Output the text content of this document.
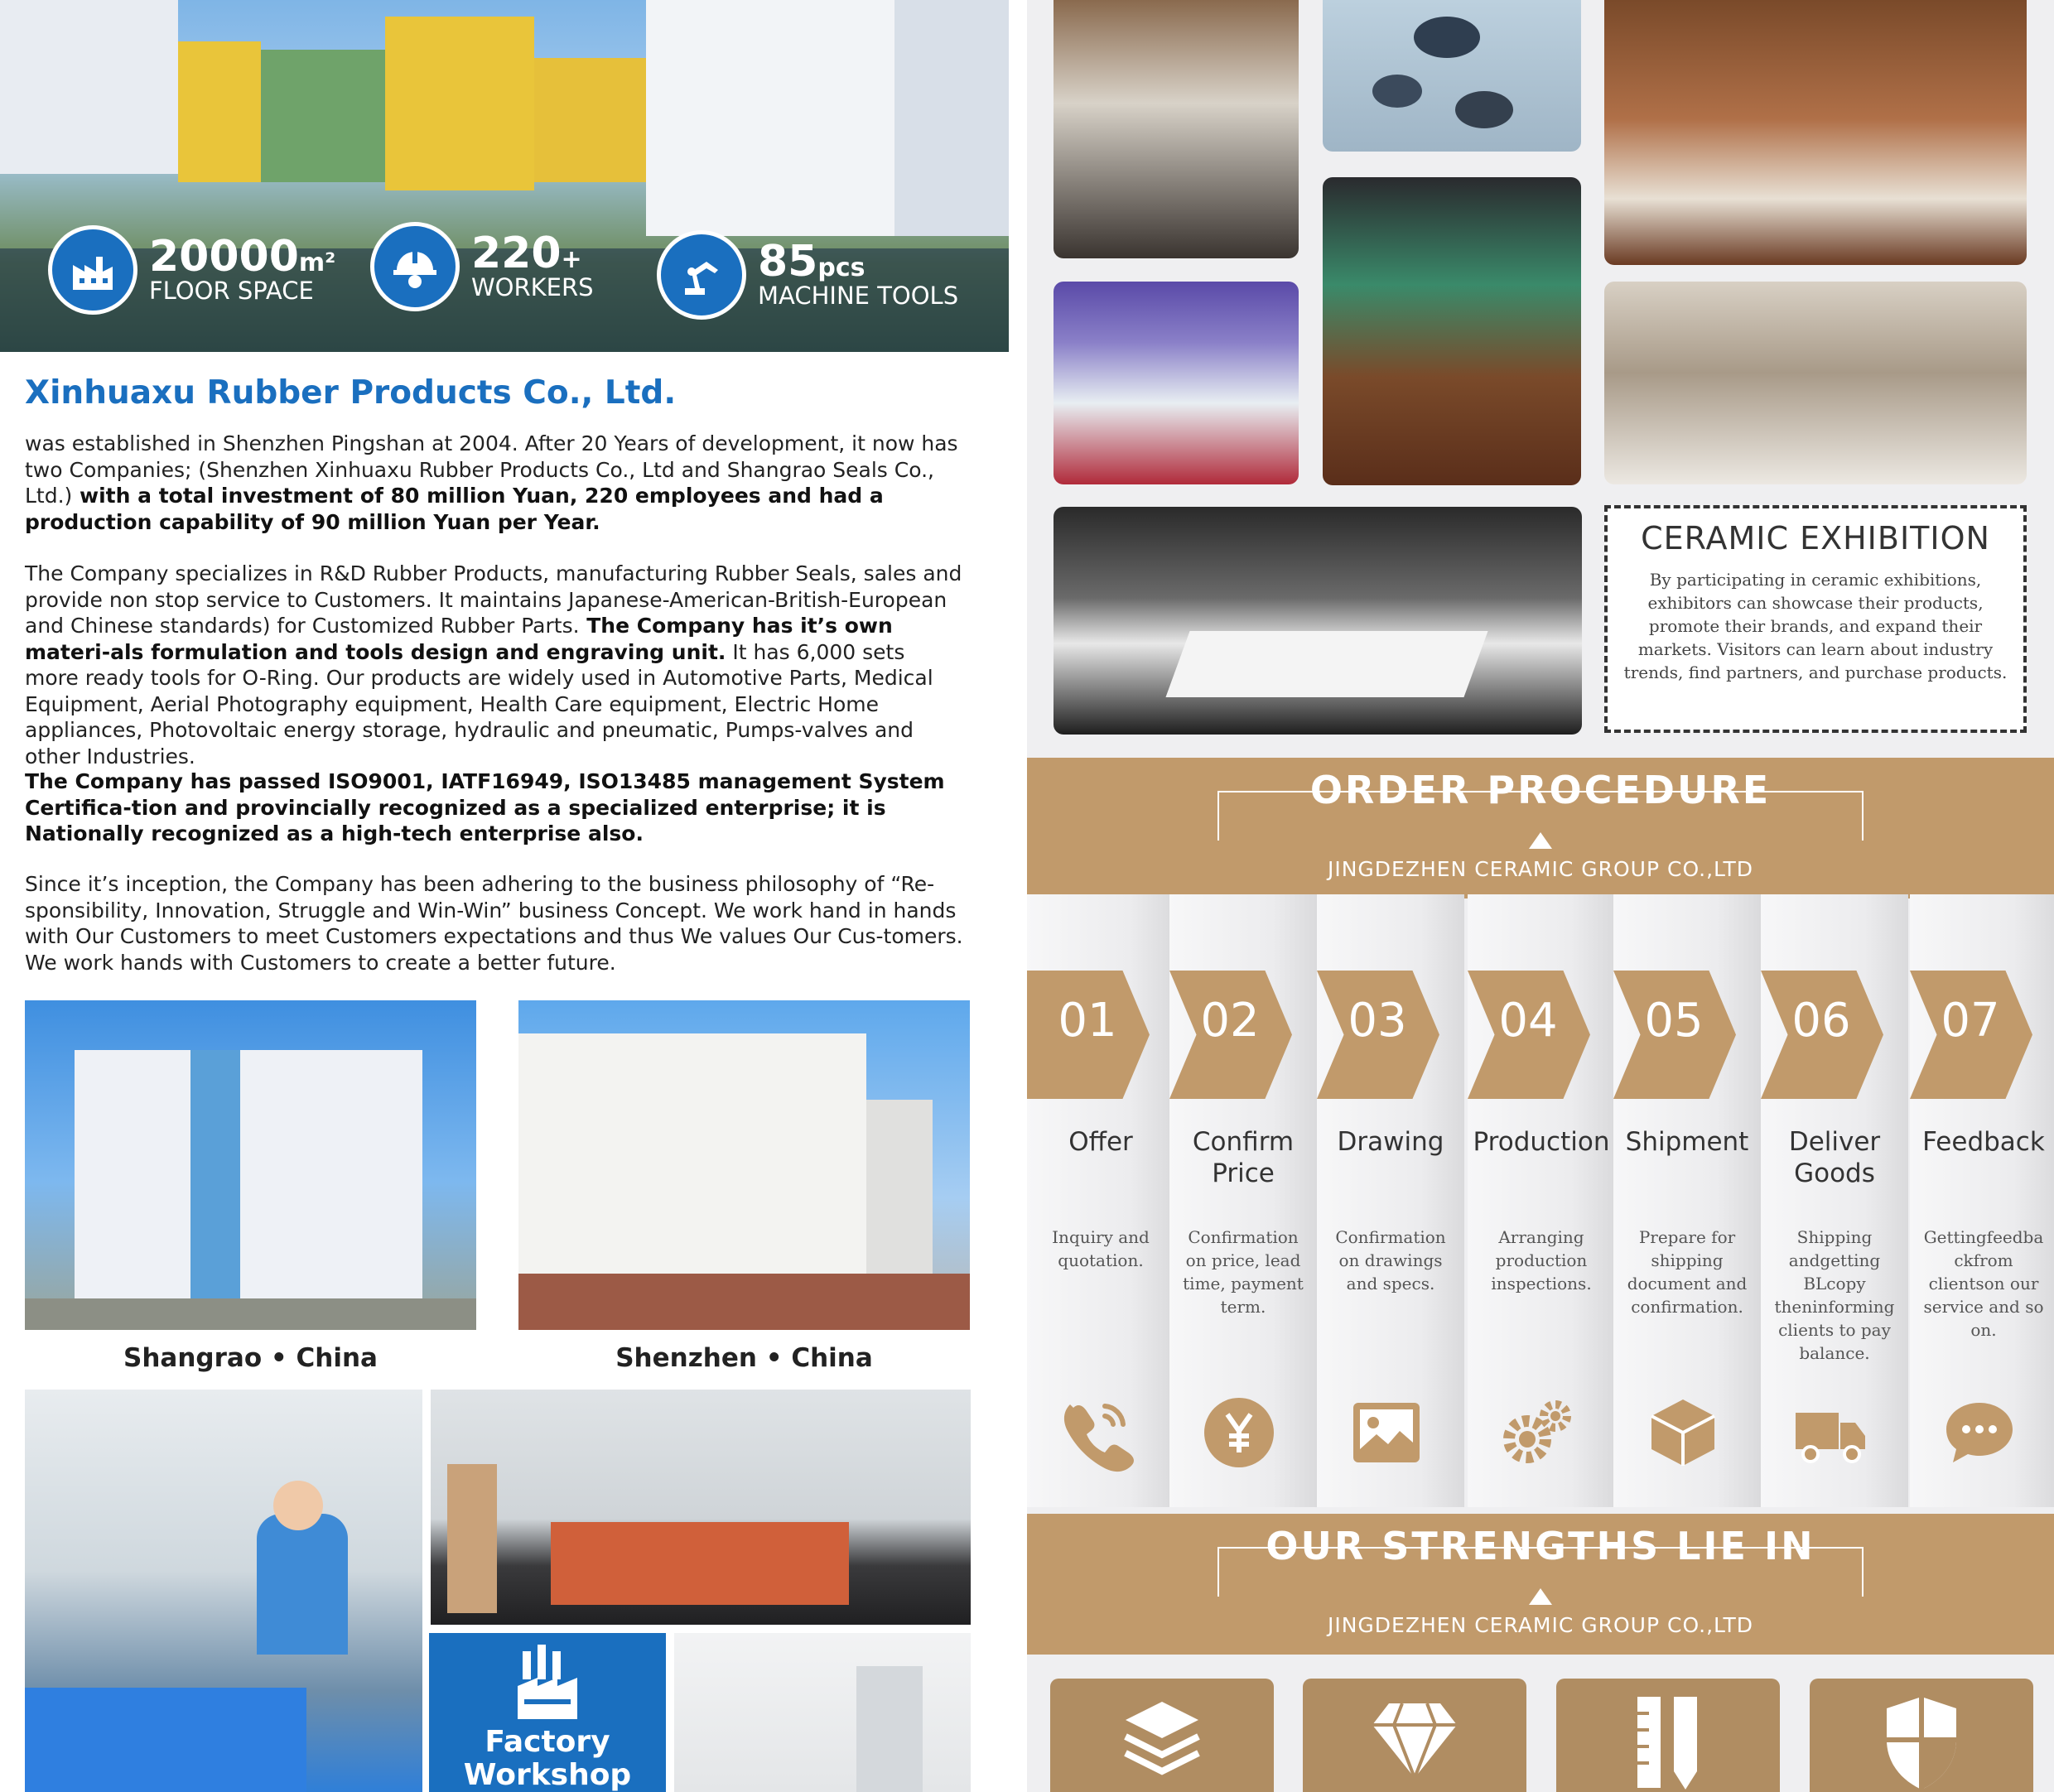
20000m²
FLOOR SPACE
220+
WORKERS
85pcs
MACHINE TOOLS
Xinhuaxu Rubber Products Co., Ltd.
was established in Shenzhen Pingshan at 2004. After 20 Years of development, it now has two Companies; (Shenzhen Xinhuaxu Rubber Products Co., Ltd and Shangrao Seals Co., Ltd.) with a total investment of 80 million Yuan, 220 employees and had a production capability of 90 million Yuan per Year.
The Company specializes in R&D Rubber Products, manufacturing Rubber Seals, sales and provide non stop service to Customers. It maintains Japanese-American-British-European and Chinese standards) for Customized Rubber Parts. The Company has it’s own materi-als formulation and tools design and engraving unit. It has 6,000 sets more ready tools for O-Ring. Our products are widely used in Automotive Parts, Medical Equipment, Aerial Photography equipment, Health Care equipment, Electric Home appliances, Photovoltaic energy storage, hydraulic and pneumatic, Pumps-valves and other Industries.
The Company has passed ISO9001, IATF16949, ISO13485 management System Certifica-tion and provincially recognized as a specialized enterprise; it is Nationally recognized as a high-tech enterprise also.
Since it’s inception, the Company has been adhering to the business philosophy of “Re-sponsibility, Innovation, Struggle and Win-Win” business Concept. We work hand in hands with Our Customers to meet Customers expectations and thus We values Our Cus-tomers. We work hands with Customers to create a better future.
Shangrao • China	Shenzhen • China
Factory Workshop
CERAMIC EXHIBITION
By participating in ceramic exhibitions, exhibitors can showcase their products, promote their brands, and expand their markets. Visitors can learn about industry trends, find partners, and purchase products.
ORDER PROCEDURE
JINGDEZHEN CERAMIC GROUP CO.,LTD
01
Offer
Inquiry and quotation.
02
Confirm Price
Confirmation on price, lead time, payment term.
03
Drawing
Confirmation on drawings and specs.
04
Production
Arranging production inspections.
05
Shipment
Prepare for shipping document and confirmation.
06
Deliver Goods
Shipping andgetting BLcopy theninforming clients to pay balance.
07
Feedback
Gettingfeedba ckfrom clientson our service and so on.
OUR STRENGTHS LIE IN
JINGDEZHEN CERAMIC GROUP CO.,LTD
